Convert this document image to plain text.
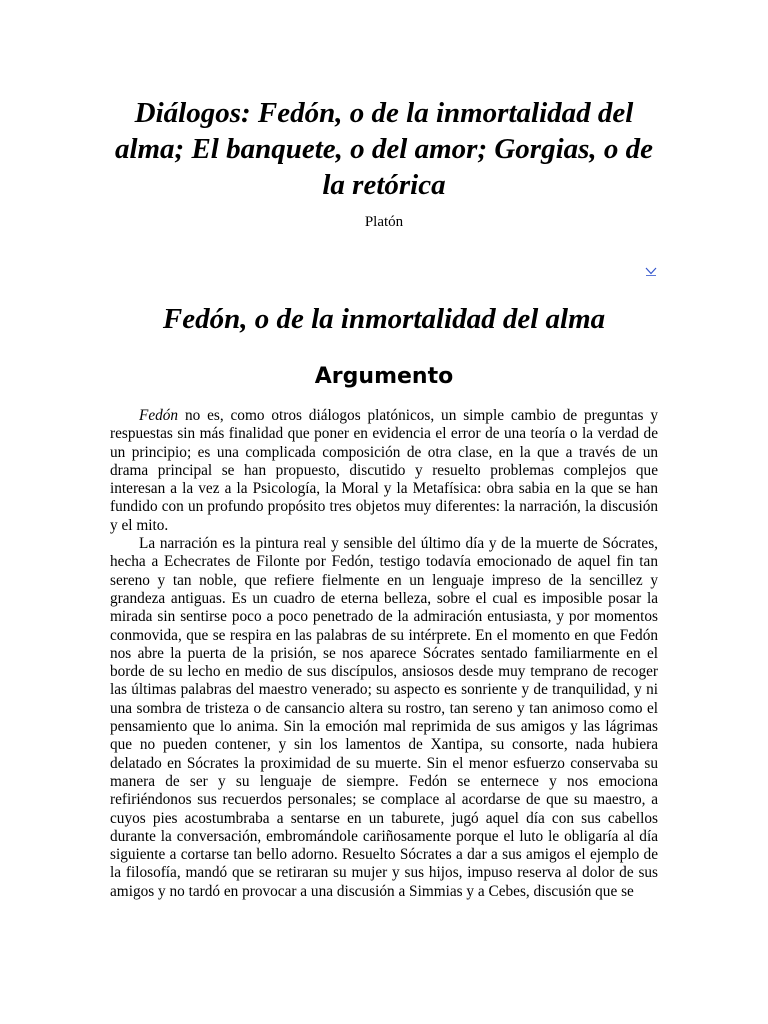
Diálogos: Fedón, o de la inmortalidad del alma; El banquete, o del amor; Gorgias, o de la retórica
Platón
Fedón, o de la inmortalidad del alma
Argumento

Fedón no es, como otros diálogos platónicos, un simple cambio de preguntas y respuestas sin más finalidad que poner en evidencia el error de una teoría o la verdad de un principio; es una complicada composición de otra clase, en la que a través de un drama principal se han propuesto, discutido y resuelto problemas complejos que interesan a la vez a la Psicología, la Moral y la Metafísica: obra sabia en la que se han fundido con un profundo propósito tres objetos muy diferentes: la narración, la discusión y el mito.

La narración es la pintura real y sensible del último día y de la muerte de Sócrates, hecha a Echecrates de Filonte por Fedón, testigo todavía emocionado de aquel fin tan sereno y tan noble, que refiere fielmente en un lenguaje impreso de la sencillez y grandeza antiguas. Es un cuadro de eterna belleza, sobre el cual es imposible posar la mirada sin sentirse poco a poco penetrado de la admiración entusiasta, y por momentos conmovida, que se respira en las palabras de su intérprete. En el momento en que Fedón nos abre la puerta de la prisión, se nos aparece Sócrates sentado familiarmente en el borde de su lecho en medio de sus discípulos, ansiosos desde muy temprano de recoger las últimas palabras del maestro venerado; su aspecto es sonriente y de tranquilidad, y ni una sombra de tristeza o de cansancio altera su rostro, tan sereno y tan animoso como el pensamiento que lo anima. Sin la emoción mal reprimida de sus amigos y las lágrimas que no pueden contener, y sin los lamentos de Xantipa, su consorte, nada hubiera delatado en Sócrates la proximidad de su muerte. Sin el menor esfuerzo conservaba su manera de ser y su lenguaje de siempre. Fedón se enternece y nos emociona refiriéndonos sus recuerdos personales; se complace al acordarse de que su maestro, a cuyos pies acostumbraba a sentarse en un taburete, jugó aquel día con sus cabellos durante la conversación, embromándole cariñosamente porque el luto le obligaría al día siguiente a cortarse tan bello adorno. Resuelto Sócrates a dar a sus amigos el ejemplo de la filosofía, mandó que se retiraran su mujer y sus hijos, impuso reserva al dolor de sus amigos y no tardó en provocar a una discusión a Simmias y a Cebes, discusión que se
